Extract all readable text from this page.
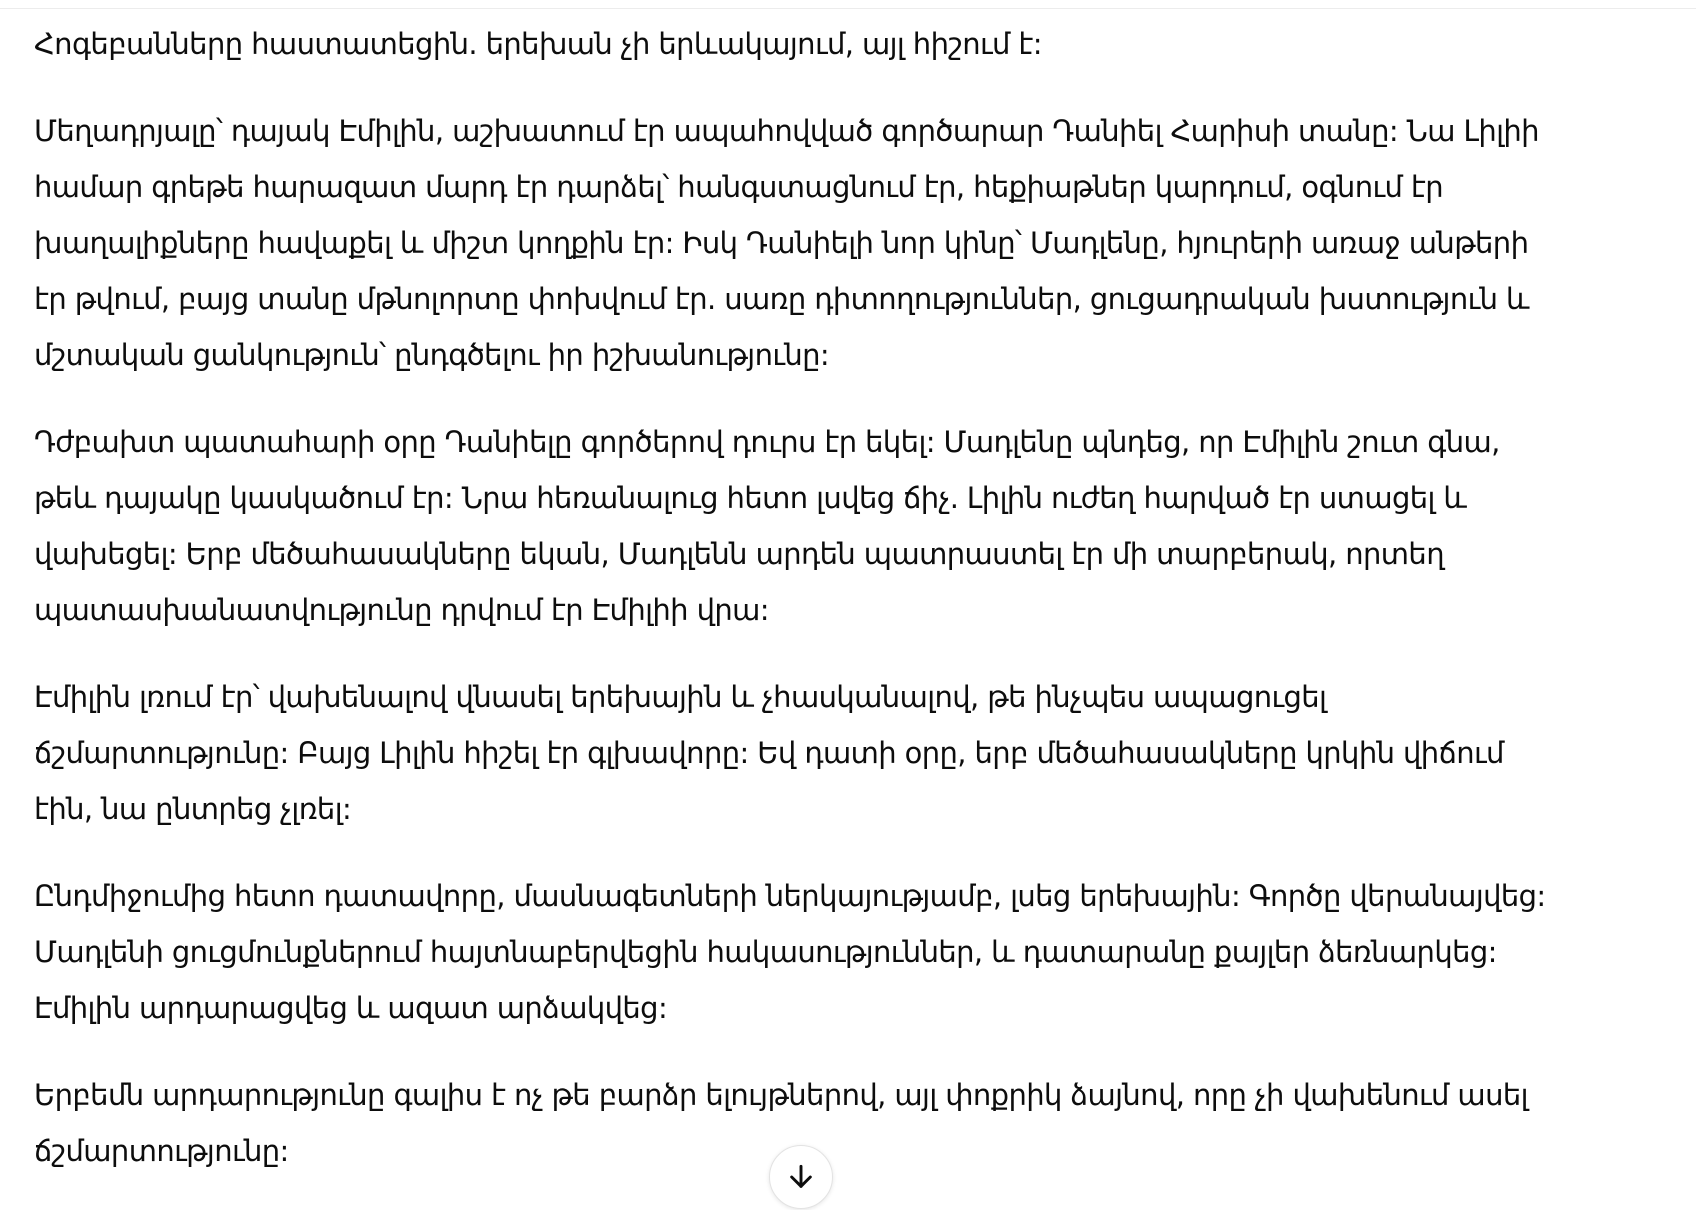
Հոգեբանները հաստատեցին. երեխան չի երևակայում, այլ հիշում է:

Մեղադրյալը՝ դայակ Էմիլին, աշխատում էր ապահովված գործարար Դանիել Հարիսի տանը: Նա Լիլիի
համար գրեթե հարազատ մարդ էր դարձել՝ հանգստացնում էր, հեքիաթներ կարդում, օգնում էր
խաղալիքները հավաքել և միշտ կողքին էր: Իսկ Դանիելի նոր կինը՝ Մադլենը, հյուրերի առաջ անթերի
էր թվում, բայց տանը մթնոլորտը փոխվում էր. սառը դիտողություններ, ցուցադրական խստություն և
մշտական ցանկություն՝ ընդգծելու իր իշխանությունը:

Դժբախտ պատահարի օրը Դանիելը գործերով դուրս էր եկել: Մադլենը պնդեց, որ Էմիլին շուտ գնա,
թեև դայակը կասկածում էր: Նրա հեռանալուց հետո լսվեց ճիչ. Լիլին ուժեղ հարված էր ստացել և
վախեցել: Երբ մեծահասակները եկան, Մադլենն արդեն պատրաստել էր մի տարբերակ, որտեղ
պատասխանատվությունը դրվում էր Էմիլիի վրա:

Էմիլին լռում էր՝ վախենալով վնասել երեխային և չհասկանալով, թե ինչպես ապացուցել
ճշմարտությունը: Բայց Լիլին հիշել էր գլխավորը: Եվ դատի օրը, երբ մեծահասակները կրկին վիճում
էին, նա ընտրեց չլռել:

Ընդմիջումից հետո դատավորը, մասնագետների ներկայությամբ, լսեց երեխային: Գործը վերանայվեց:
Մադլենի ցուցմունքներում հայտնաբերվեցին հակասություններ, և դատարանը քայլեր ձեռնարկեց:
Էմիլին արդարացվեց և ազատ արձակվեց:

Երբեմն արդարությունը գալիս է ոչ թե բարձր ելույթներով, այլ փոքրիկ ձայնով, որը չի վախենում ասել
ճշմարտությունը:
